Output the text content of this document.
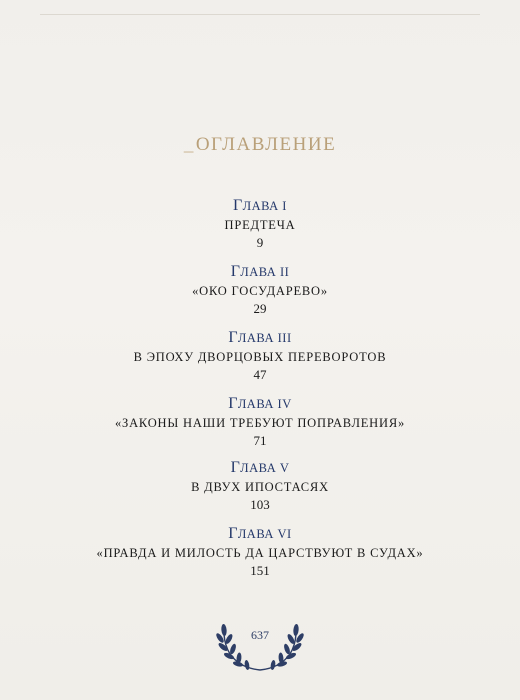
_ОГЛАВЛЕНИЕ
ГЛАВА I
ПРЕДТЕЧА
9
ГЛАВА II
«ОКО ГОСУДАРЕВО»
29
ГЛАВА III
В ЭПОХУ ДВОРЦОВЫХ ПЕРЕВОРОТОВ
47
ГЛАВА IV
«ЗАКОНЫ НАШИ ТРЕБУЮТ ПОПРАВЛЕНИЯ»
71
ГЛАВА V
В ДВУХ ИПОСТАСЯХ
103
ГЛАВА VI
«ПРАВДА И МИЛОСТЬ ДА ЦАРСТВУЮТ В СУДАХ»
151
637
